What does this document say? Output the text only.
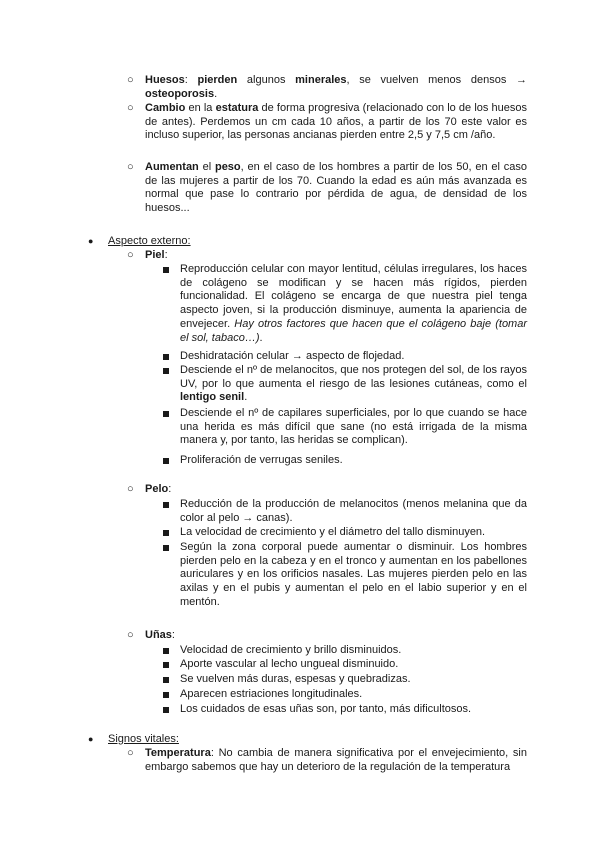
○ Huesos: pierden algunos minerales, se vuelven menos densos → osteoporosis.

○ Cambio en la estatura de forma progresiva (relacionado con lo de los huesos de antes). Perdemos un cm cada 10 años, a partir de los 70 este valor es incluso superior, las personas ancianas pierden entre 2,5 y 7,5 cm /año.

○ Aumentan el peso, en el caso de los hombres a partir de los 50, en el caso de las mujeres a partir de los 70. Cuando la edad es aún más avanzada es normal que pase lo contrario por pérdida de agua, de densidad de los huesos...

● Aspecto externo:

○ Piel:

Reproducción celular con mayor lentitud, células irregulares, los haces de colágeno se modifican y se hacen más rígidos, pierden funcionalidad. El colágeno se encarga de que nuestra piel tenga aspecto joven, si la producción disminuye, aumenta la apariencia de envejecer. Hay otros factores que hacen que el colágeno baje (tomar el sol, tabaco…).

Deshidratación celular → aspecto de flojedad.

Desciende el nº de melanocitos, que nos protegen del sol, de los rayos UV, por lo que aumenta el riesgo de las lesiones cutáneas, como el lentigo senil.

Desciende el nº de capilares superficiales, por lo que cuando se hace una herida es más difícil que sane (no está irrigada de la misma manera y, por tanto, las heridas se complican).

Proliferación de verrugas seniles.

○ Pelo:

Reducción de la producción de melanocitos (menos melanina que da color al pelo → canas).

La velocidad de crecimiento y el diámetro del tallo disminuyen.

Según la zona corporal puede aumentar o disminuir. Los hombres pierden pelo en la cabeza y en el tronco y aumentan en los pabellones auriculares y en los orificios nasales. Las mujeres pierden pelo en las axilas y en el pubis y aumentan el pelo en el labio superior y en el mentón.

○ Uñas:

Velocidad de crecimiento y brillo disminuidos.

Aporte vascular al lecho ungueal disminuido.

Se vuelven más duras, espesas y quebradizas.

Aparecen estriaciones longitudinales.

Los cuidados de esas uñas son, por tanto, más dificultosos.

● Signos vitales:

○ Temperatura: No cambia de manera significativa por el envejecimiento, sin embargo sabemos que hay un deterioro de la regulación de la temperatura
